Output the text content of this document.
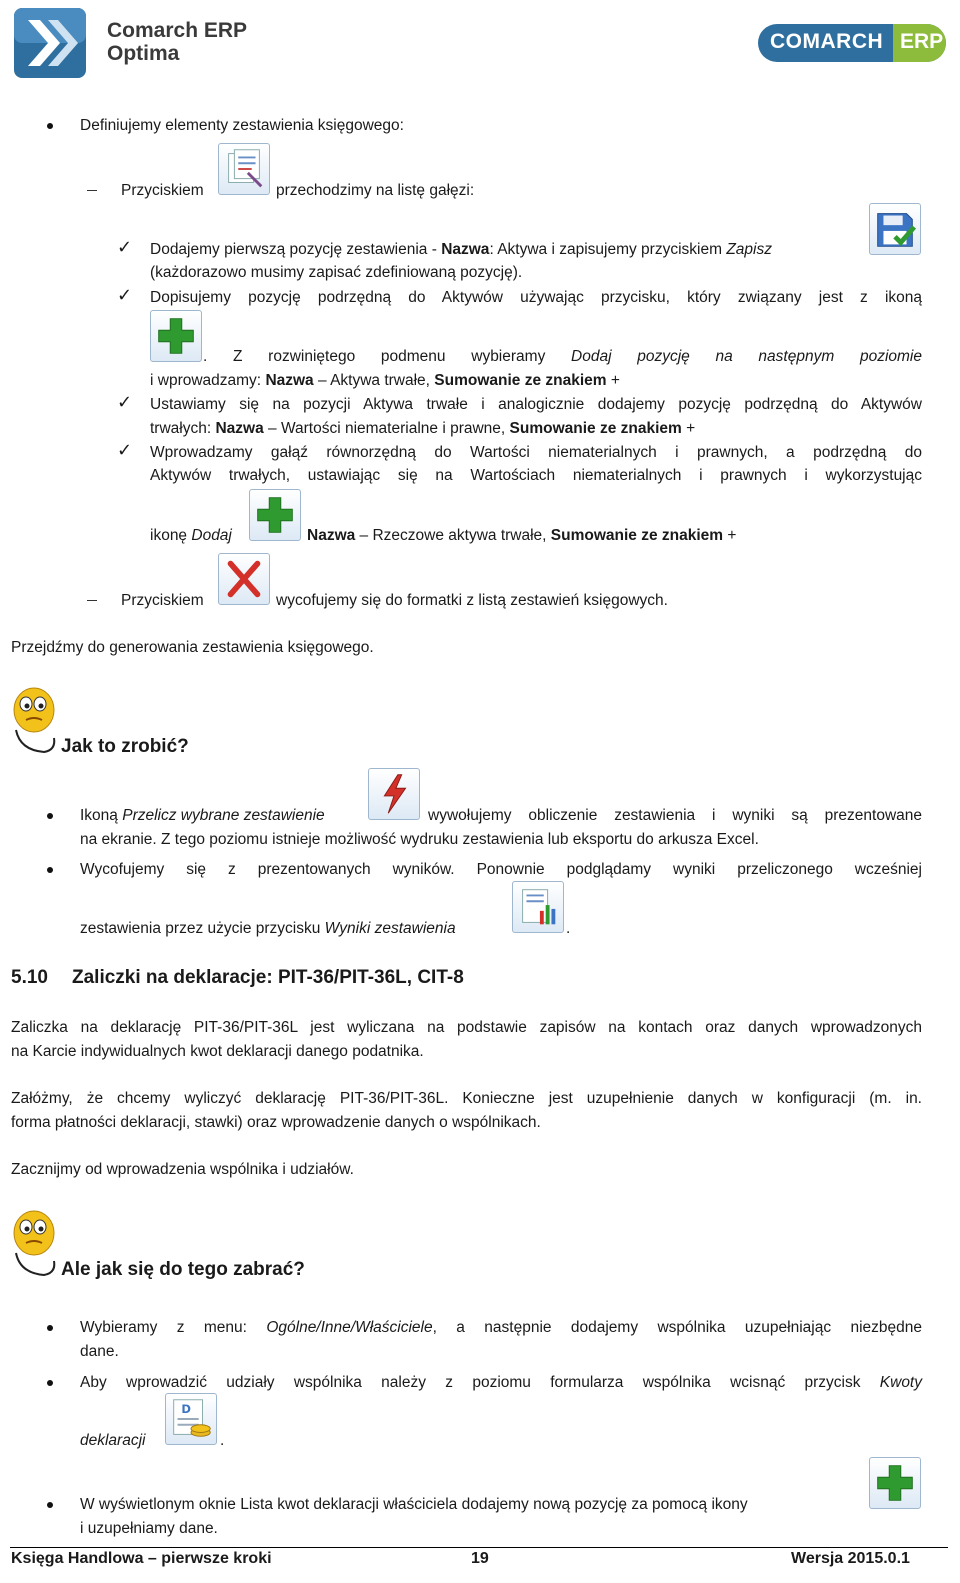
Comarch ERP
Optima
COMARCH ERP
Definiujemy elementy zestawienia księgowego:
Przyciskiem	przechodzimy na listę gałęzi:
✓ Dodajemy pierwszą pozycję zestawienia - Nazwa: Aktywa i zapisujemy przyciskiem Zapisz
(każdorazowo musimy zapisać zdefiniowaną pozycję).
✓ Dopisujemy pozycję podrzędną do Aktywów używając przycisku, który związany jest z ikoną
. Z rozwiniętego podmenu wybieramy Dodaj pozycję na następnym poziomie
i wprowadzamy: Nazwa – Aktywa trwałe, Sumowanie ze znakiem +
✓ Ustawiamy się na pozycji Aktywa trwałe i analogicznie dodajemy pozycję podrzędną do Aktywów
trwałych: Nazwa – Wartości niematerialne i prawne, Sumowanie ze znakiem +
✓ Wprowadzamy gałąź równorzędną do Wartości niematerialnych i prawnych, a podrzędną do
Aktywów trwałych, ustawiając się na Wartościach niematerialnych i prawnych i wykorzystując
ikonę Dodaj	Nazwa – Rzeczowe aktywa trwałe, Sumowanie ze znakiem +
Przyciskiem	wycofujemy się do formatki z listą zestawień księgowych.
Przejdźmy do generowania zestawienia księgowego.
Jak to zrobić?
Ikoną Przelicz wybrane zestawienie	wywołujemy obliczenie zestawienia i wyniki są prezentowane
na ekranie. Z tego poziomu istnieje możliwość wydruku zestawienia lub eksportu do arkusza Excel.
Wycofujemy się z prezentowanych wyników. Ponownie podglądamy wyniki przeliczonego wcześniej
zestawienia przez użycie przycisku Wyniki zestawienia	.
5.10 Zaliczki na deklaracje: PIT-36/PIT-36L, CIT-8
Zaliczka na deklarację PIT-36/PIT-36L jest wyliczana na podstawie zapisów na kontach oraz danych wprowadzonych
na Karcie indywidualnych kwot deklaracji danego podatnika.
Załóżmy, że chcemy wyliczyć deklarację PIT-36/PIT-36L. Konieczne jest uzupełnienie danych w konfiguracji (m. in.
forma płatności deklaracji, stawki) oraz wprowadzenie danych o wspólnikach.
Zacznijmy od wprowadzenia wspólnika i udziałów.
Ale jak się do tego zabrać?
Wybieramy z menu: Ogólne/Inne/Właściciele, a następnie dodajemy wspólnika uzupełniając niezbędne
dane.
Aby wprowadzić udziały wspólnika należy z poziomu formularza wspólnika wcisnąć przycisk Kwoty
deklaracji
D
.
W wyświetlonym oknie Lista kwot deklaracji właściciela dodajemy nową pozycję za pomocą ikony
i uzupełniamy dane.
Księga Handlowa – pierwsze kroki	19	Wersja 2015.0.1
